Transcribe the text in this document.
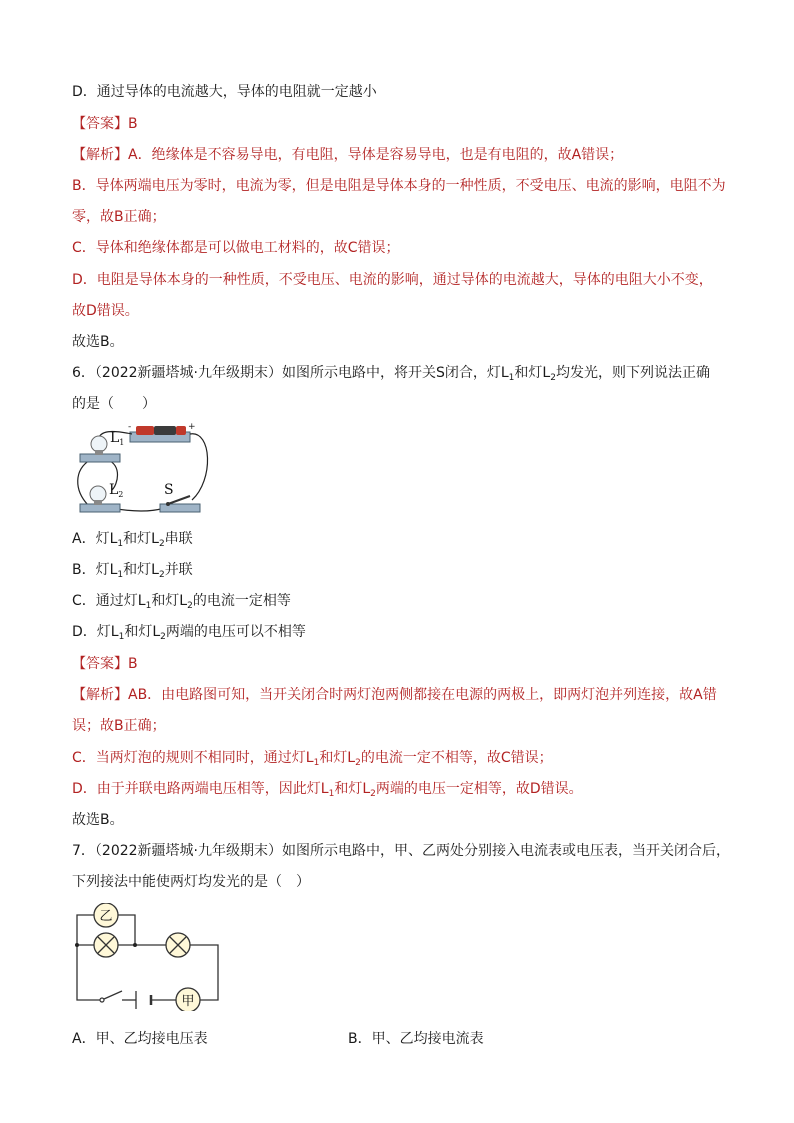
D．通过导体的电流越大，导体的电阻就一定越小
【答案】B
【解析】A．绝缘体是不容易导电，有电阻，导体是容易导电，也是有电阻的，故A错误；
B．导体两端电压为零时，电流为零，但是电阻是导体本身的一种性质，不受电压、电流的影响，电阻不为
零，故B正确；
C．导体和绝缘体都是可以做电工材料的，故C错误；
D．电阻是导体本身的一种性质，不受电压、电流的影响，通过导体的电流越大，导体的电阻大小不变，
故D错误。
故选B。
6．（2022新疆塔城·九年级期末）如图所示电路中，将开关S闭合，灯$L_1$和灯$L_2$均发光，则下列说法正确
的是（　　）
+
-
$L_1$
$L_2$	S
A．灯$L_1$和灯$L_2$串联
B．灯$L_1$和灯$L_2$并联
C．通过灯$L_1$和灯$L_2$的电流一定相等
D．灯$L_1$和灯$L_2$两端的电压可以不相等
【答案】B
【解析】AB．由电路图可知，当开关闭合时两灯泡两侧都接在电源的两极上，即两灯泡并列连接，故A错
误；故B正确；
C．当两灯泡的规则不相同时，通过灯$L_1$和灯$L_2$的电流一定不相等，故C错误；
D．由于并联电路两端电压相等，因此灯$L_1$和灯$L_2$两端的电压一定相等，故D错误。
故选B。
7．（2022新疆塔城·九年级期末）如图所示电路中，甲、乙两处分别接入电流表或电压表，当开关闭合后，
下列接法中能使两灯均发光的是（　）
乙
甲
A．甲、乙均接电压表	B．甲、乙均接电流表
